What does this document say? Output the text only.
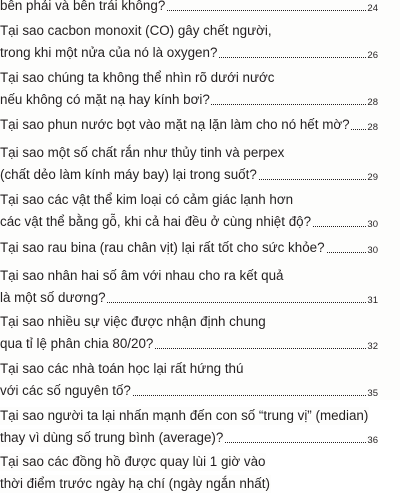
bên phải và bên trái không?	24
Tại sao cacbon monoxit (CO) gây chết người,
trong khi một nửa của nó là oxygen?	26
Tại sao chúng ta không thể nhìn rõ dưới nước
nếu không có mặt nạ hay kính bơi?	28
Tại sao phun nước bọt vào mặt nạ lặn làm cho nó hết mờ? 28
Tại sao một số chất rắn như thủy tinh và perpex
(chất dẻo làm kính máy bay) lại trong suốt?	29
Tại sao các vật thể kim loại có cảm giác lạnh hơn
các vật thể bằng gỗ, khi cả hai đều ở cùng nhiệt độ?	30
Tại sao rau bina (rau chân vịt) lại rất tốt cho sức khỏe?	30
Tại sao nhân hai số âm với nhau cho ra kết quả
là một số dương?	31
Tại sao nhiều sự việc được nhận định chung
qua tỉ lệ phân chia 80/20?	32
Tại sao các nhà toán học lại rất hứng thú
với các số nguyên tố?	35
Tại sao người ta lại nhấn mạnh đến con số “trung vị” (median)
thay vì dùng số trung bình (average)?	36
Tại sao các đồng hồ được quay lùi 1 giờ vào
thời điểm trước ngày hạ chí (ngày ngắn nhất)
